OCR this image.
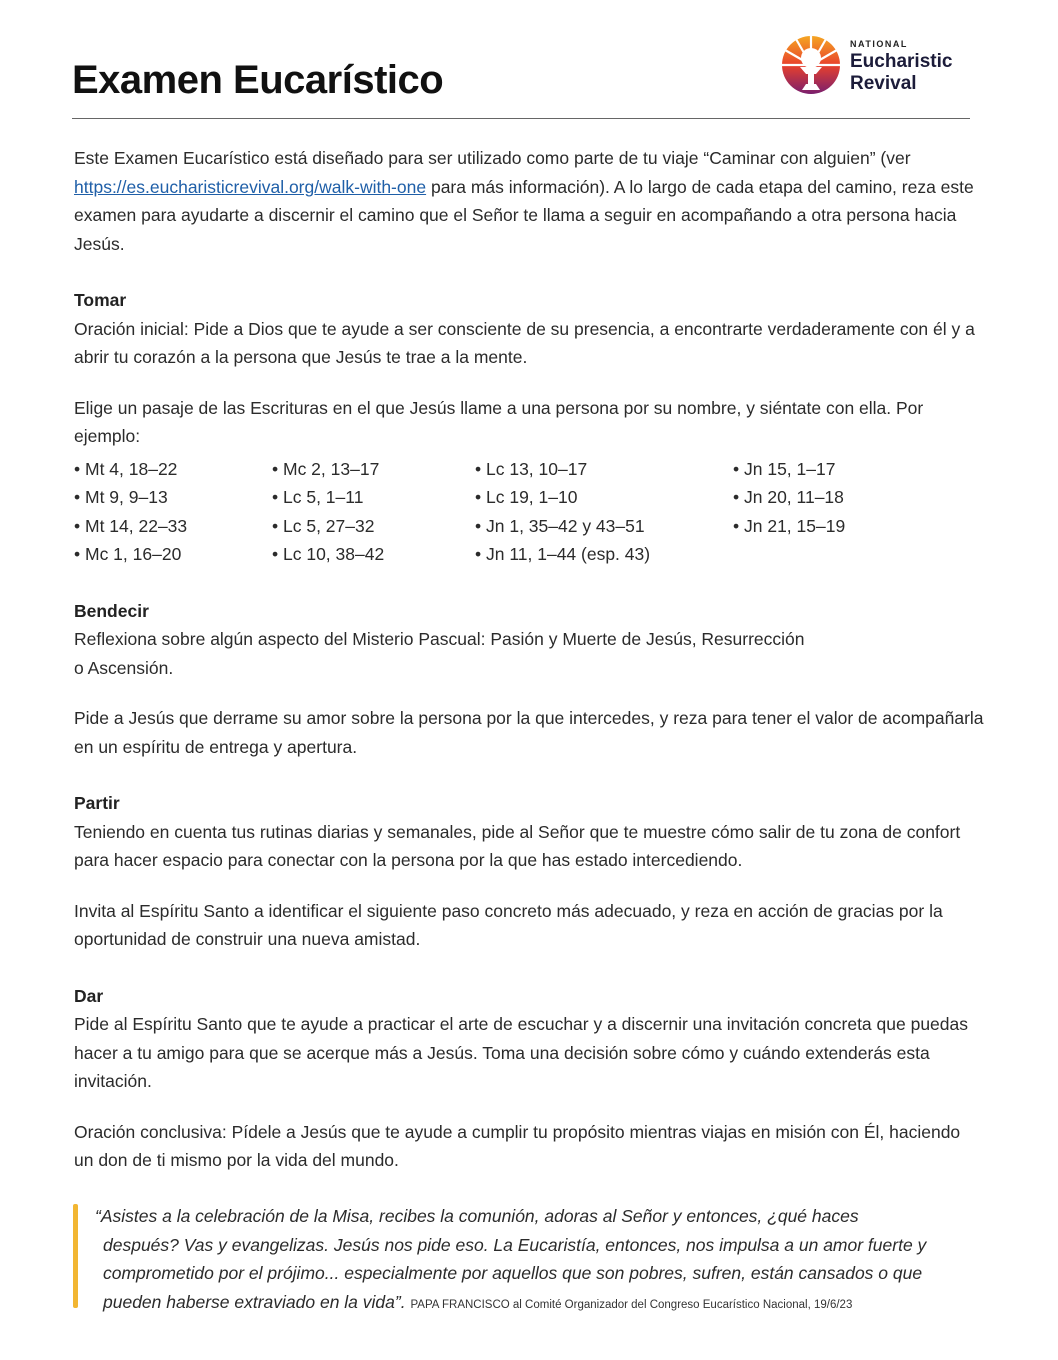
Examen Eucarístico
NATIONAL
Eucharistic
Revival

Este Examen Eucarístico está diseñado para ser utilizado como parte de tu viaje “Caminar con alguien” (ver https://es.eucharisticrevival.org/walk-with-one para más información). A lo largo de cada etapa del camino, reza este examen para ayudarte a discernir el camino que el Señor te llama a seguir en acompañando a otra persona hacia Jesús.

Tomar

Oración inicial: Pide a Dios que te ayude a ser consciente de su presencia, a encontrarte verdaderamente con él y a abrir tu corazón a la persona que Jesús te trae a la mente.

Elige un pasaje de las Escrituras en el que Jesús llame a una persona por su nombre, y siéntate con ella. Por ejemplo:

• Mt 4, 18–22
• Mt 9, 9–13
• Mt 14, 22–33
• Mc 1, 16–20
• Mc 2, 13–17
• Lc 5, 1–11
• Lc 5, 27–32
• Lc 10, 38–42
• Lc 13, 10–17
• Lc 19, 1–10
• Jn 1, 35–42 y 43–51
• Jn 11, 1–44 (esp. 43)
• Jn 15, 1–17
• Jn 20, 11–18
• Jn 21, 15–19

Bendecir

Reflexiona sobre algún aspecto del Misterio Pascual: Pasión y Muerte de Jesús, Resurrección
o Ascensión.

Pide a Jesús que derrame su amor sobre la persona por la que intercedes, y reza para tener el valor de acompañarla en un espíritu de entrega y apertura.

Partir

Teniendo en cuenta tus rutinas diarias y semanales, pide al Señor que te muestre cómo salir de tu zona de confort para hacer espacio para conectar con la persona por la que has estado intercediendo.

Invita al Espíritu Santo a identificar el siguiente paso concreto más adecuado, y reza en acción de gracias por la oportunidad de construir una nueva amistad.

Dar

Pide al Espíritu Santo que te ayude a practicar el arte de escuchar y a discernir una invitación concreta que puedas hacer a tu amigo para que se acerque más a Jesús. Toma una decisión sobre cómo y cuándo extenderás esta invitación.

Oración conclusiva: Pídele a Jesús que te ayude a cumplir tu propósito mientras viajas en misión con Él, haciendo un don de ti mismo por la vida del mundo.

“Asistes a la celebración de la Misa, recibes la comunión, adoras al Señor y entonces, ¿qué haces
después? Vas y evangelizas. Jesús nos pide eso. La Eucaristía, entonces, nos impulsa a un amor fuerte y
comprometido por el prójimo... especialmente por aquellos que son pobres, sufren, están cansados o que
pueden haberse extraviado en la vida”. PAPA FRANCISCO al Comité Organizador del Congreso Eucarístico Nacional, 19/6/23
